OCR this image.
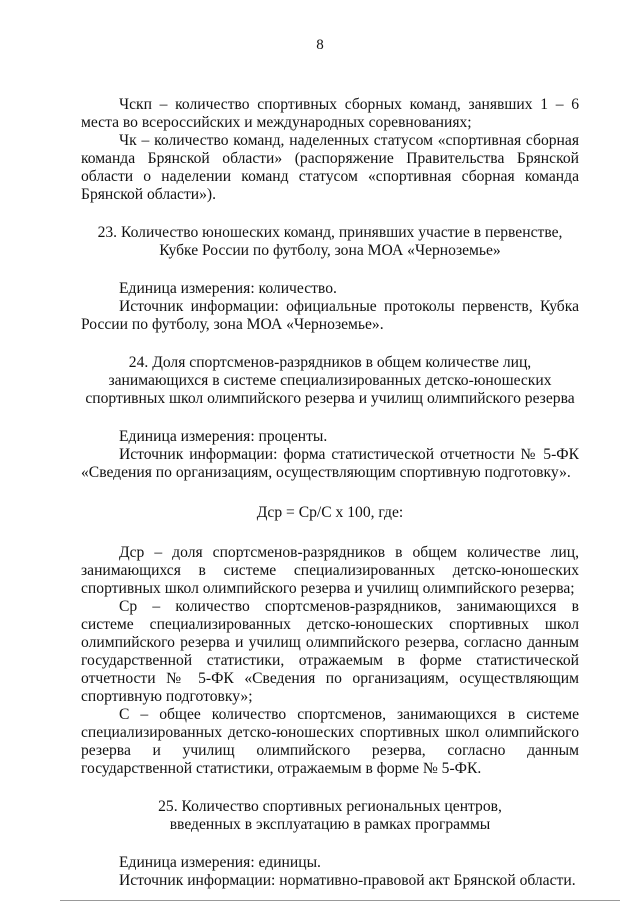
8

Чскп – количество спортивных сборных команд, занявших 1 – 6 места во всероссийских и международных соревнованиях;

Чк – количество команд, наделенных статусом «спортивная сборная команда Брянской области» (распоряжение Правительства Брянской области о наделении команд статусом «спортивная сборная команда Брянской области»).

23. Количество юношеских команд, принявших участие в первенстве,
Кубке России по футболу, зона МОА «Черноземье»

Единица измерения: количество.

Источник информации: официальные протоколы первенств, Кубка России по футболу, зона МОА «Черноземье».

24. Доля спортсменов-разрядников в общем количестве лиц,
занимающихся в системе специализированных детско-юношеских
спортивных школ олимпийского резерва и училищ олимпийского резерва

Единица измерения: проценты.

Источник информации: форма статистической отчетности № 5-ФК «Сведения по организациям, осуществляющим спортивную подготовку».

Дср = Ср/С х 100, где:

Дср – доля спортсменов-разрядников в общем количестве лиц, занимающихся в системе специализированных детско-юношеских спортивных школ олимпийского резерва и училищ олимпийского резерва;

Ср – количество спортсменов-разрядников, занимающихся в системе специализированных детско-юношеских спортивных школ олимпийского резерва и училищ олимпийского резерва, согласно данным государственной статистики, отражаемым в форме статистической отчетности № 5-ФК «Сведения по организациям, осуществляющим спортивную подготовку»;

С – общее количество спортсменов, занимающихся в системе специализированных детско-юношеских спортивных школ олимпийского резерва и училищ олимпийского резерва, согласно данным государственной статистики, отражаемым в форме № 5-ФК.

25. Количество спортивных региональных центров,
введенных в эксплуатацию в рамках программы

Единица измерения: единицы.

Источник информации: нормативно-правовой акт Брянской области.
